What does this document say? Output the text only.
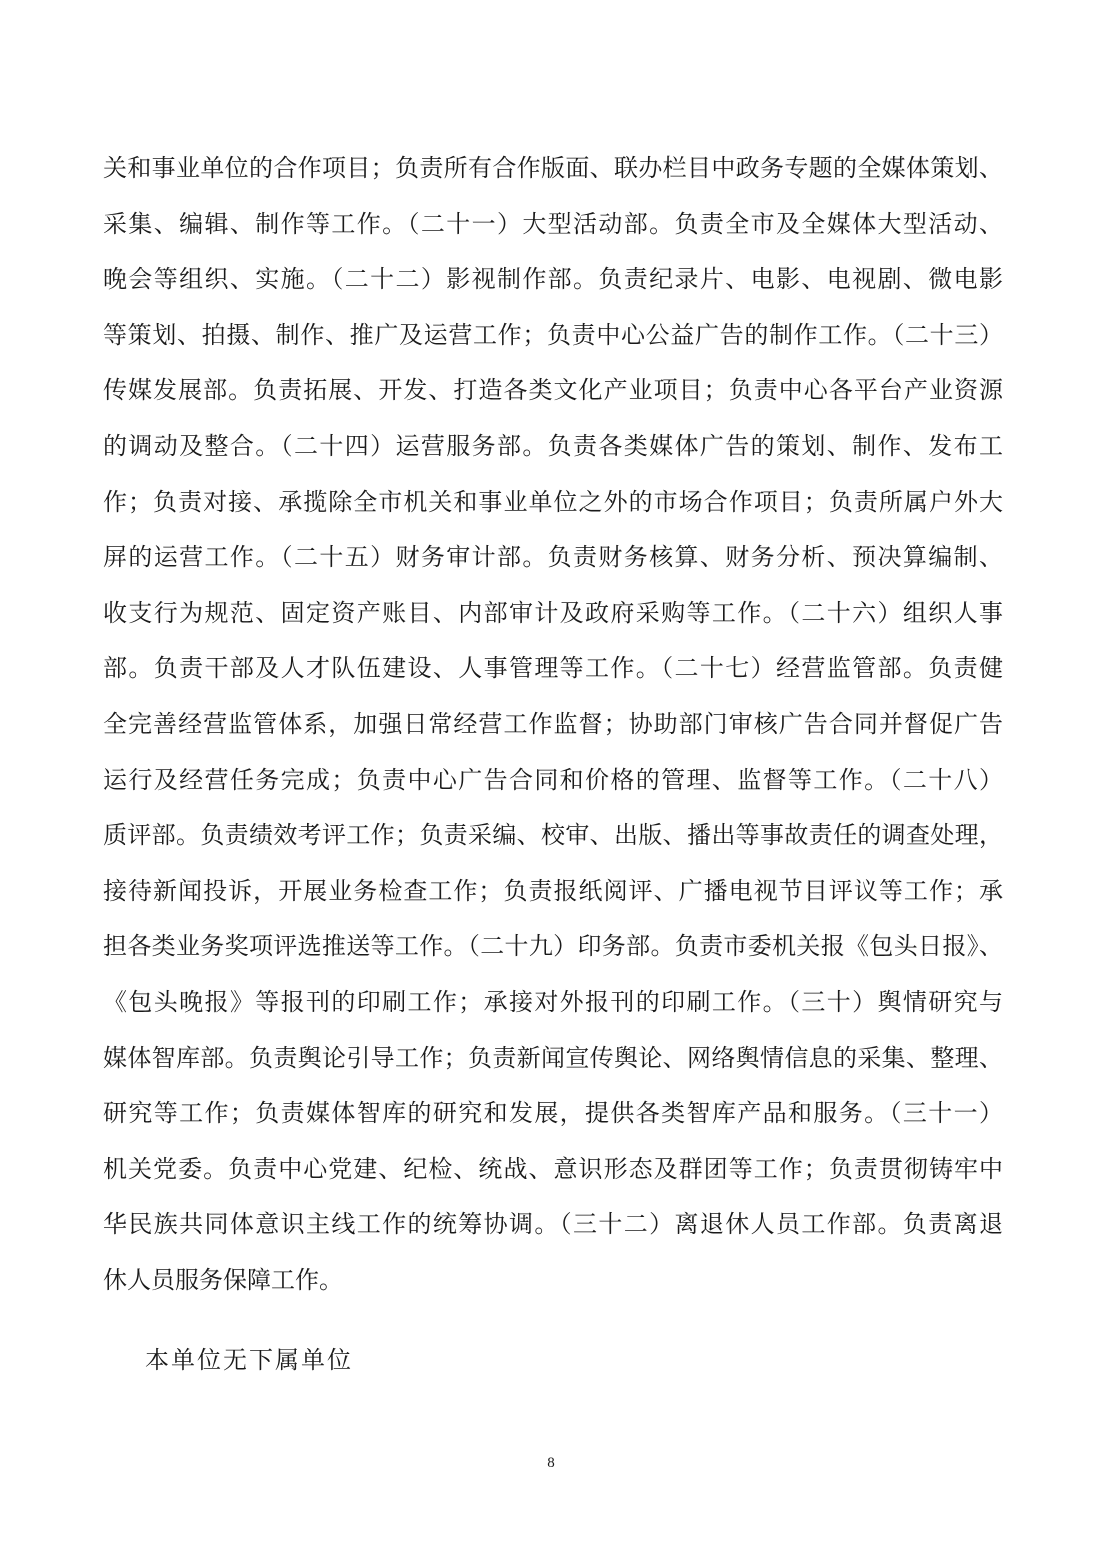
关和事业单位的合作项目；负责所有合作版面、联办栏目中政务专题的全媒体策划、
采集、编辑、制作等工作。（二十一）大型活动部。负责全市及全媒体大型活动、
晚会等组织、实施。（二十二）影视制作部。负责纪录片、电影、电视剧、微电影
等策划、拍摄、制作、推广及运营工作；负责中心公益广告的制作工作。（二十三）
传媒发展部。负责拓展、开发、打造各类文化产业项目；负责中心各平台产业资源
的调动及整合。（二十四）运营服务部。负责各类媒体广告的策划、制作、发布工
作；负责对接、承揽除全市机关和事业单位之外的市场合作项目；负责所属户外大
屏的运营工作。（二十五）财务审计部。负责财务核算、财务分析、预决算编制、
收支行为规范、固定资产账目、内部审计及政府采购等工作。（二十六）组织人事
部。负责干部及人才队伍建设、人事管理等工作。（二十七）经营监管部。负责健
全完善经营监管体系，加强日常经营工作监督；协助部门审核广告合同并督促广告
运行及经营任务完成；负责中心广告合同和价格的管理、监督等工作。（二十八）
质评部。负责绩效考评工作；负责采编、校审、出版、播出等事故责任的调查处理，
接待新闻投诉，开展业务检查工作；负责报纸阅评、广播电视节目评议等工作；承
担各类业务奖项评选推送等工作。（二十九）印务部。负责市委机关报《包头日报》、
《包头晚报》等报刊的印刷工作；承接对外报刊的印刷工作。（三十）舆情研究与
媒体智库部。负责舆论引导工作；负责新闻宣传舆论、网络舆情信息的采集、整理、
研究等工作；负责媒体智库的研究和发展，提供各类智库产品和服务。（三十一）
机关党委。负责中心党建、纪检、统战、意识形态及群团等工作；负责贯彻铸牢中
华民族共同体意识主线工作的统筹协调。（三十二）离退休人员工作部。负责离退
休人员服务保障工作。
本单位无下属单位
8
